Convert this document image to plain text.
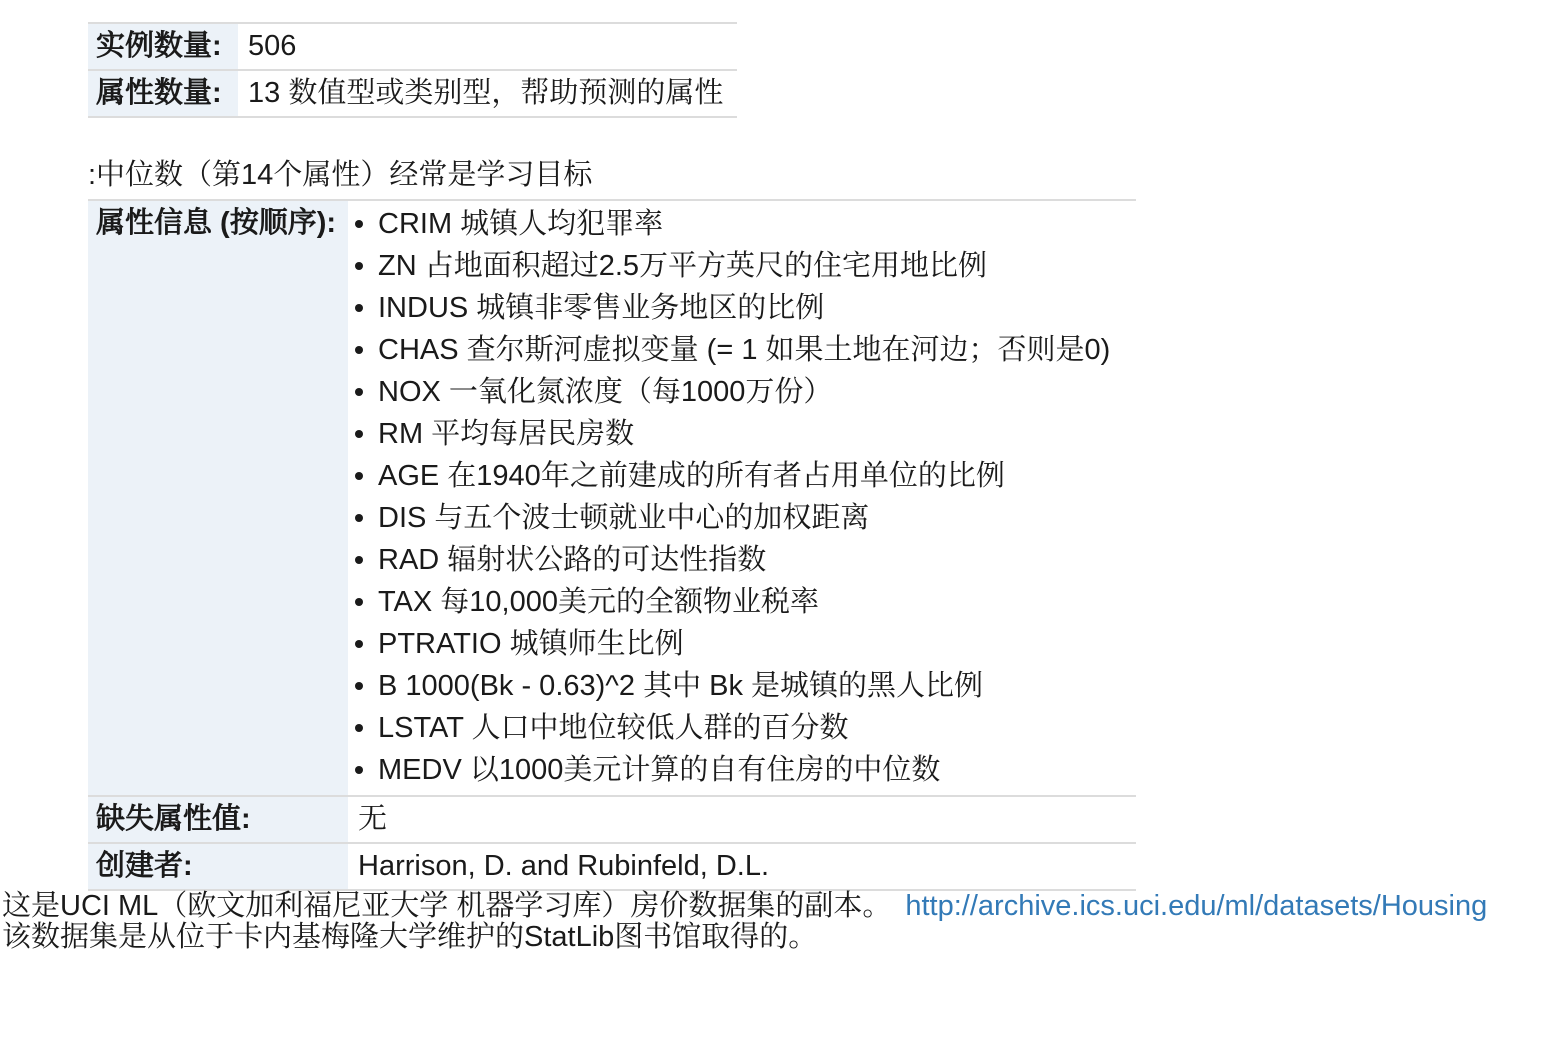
实例数量:	506
属性数量:	13 数值型或类别型，帮助预测的属性

:中位数（第14个属性）经常是学习目标

属性信息 (按顺序):	CRIM 城镇人均犯罪率
ZN 占地面积超过2.5万平方英尺的住宅用地比例
INDUS 城镇非零售业务地区的比例
CHAS 查尔斯河虚拟变量 (= 1 如果土地在河边；否则是0)
NOX 一氧化氮浓度（每1000万份）
RM 平均每居民房数
AGE 在1940年之前建成的所有者占用单位的比例
DIS 与五个波士顿就业中心的加权距离
RAD 辐射状公路的可达性指数
TAX 每10,000美元的全额物业税率
PTRATIO 城镇师生比例
B 1000(Bk - 0.63)^2 其中 Bk 是城镇的黑人比例
LSTAT 人口中地位较低人群的百分数
MEDV 以1000美元计算的自有住房的中位数

缺失属性值:	无
创建者:	Harrison, D. and Rubinfeld, D.L.

这是UCI ML（欧文加利福尼亚大学 机器学习库）房价数据集的副本。 http://archive.ics.uci.edu/ml/datasets/Housing

该数据集是从位于卡内基梅隆大学维护的StatLib图书馆取得的。
